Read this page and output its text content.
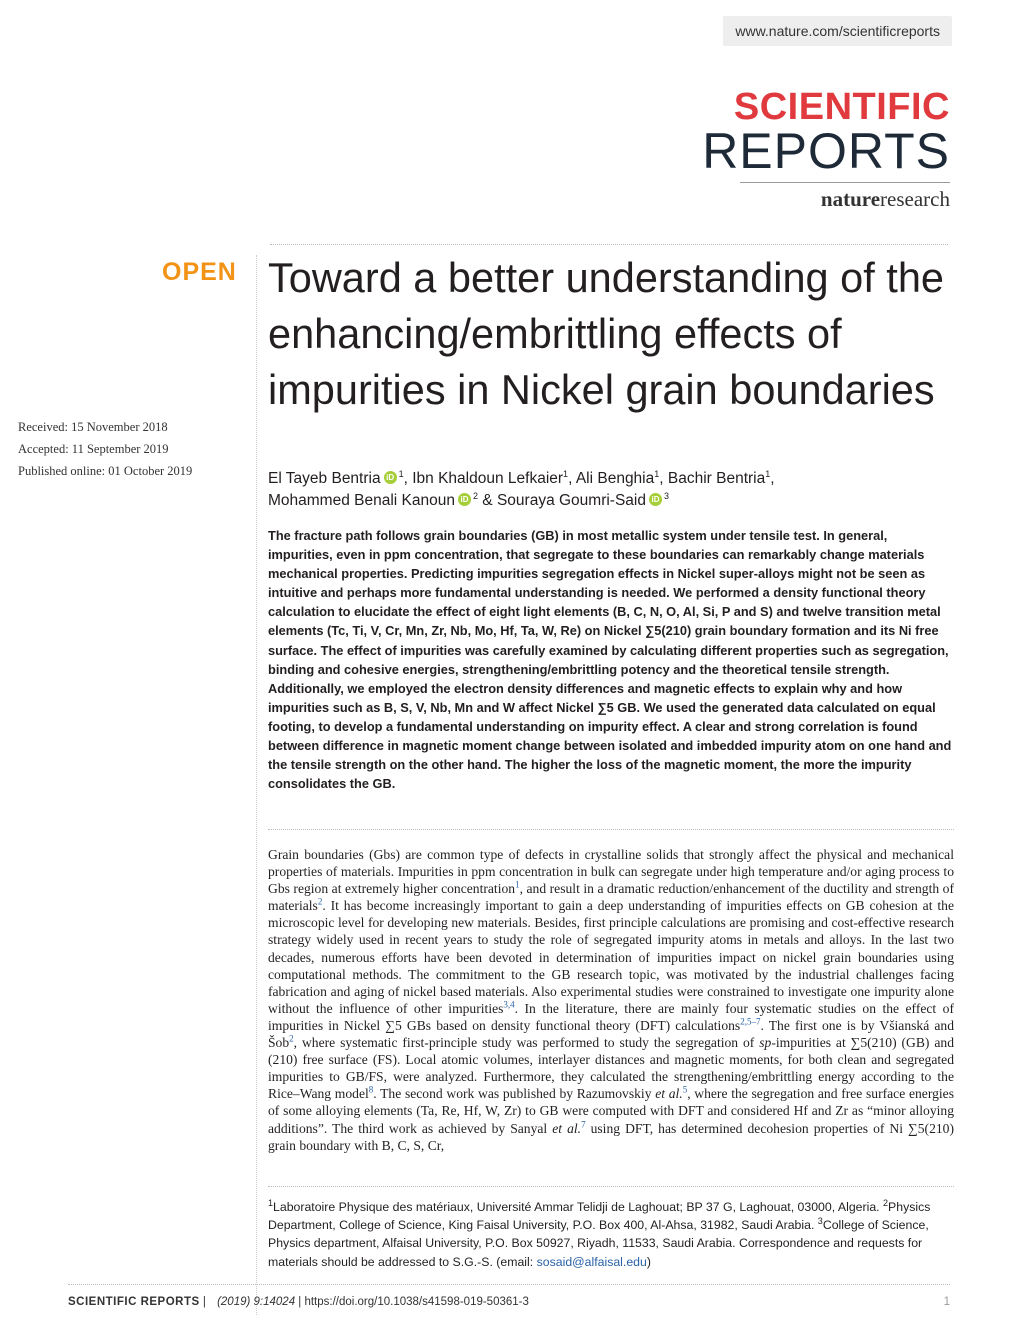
www.nature.com/scientificreports
SCIENTIFIC
REPORTS
natureresearch
OPEN
Received: 15 November 2018
Accepted: 11 September 2019
Published online: 01 October 2019
Toward a better understanding of the enhancing/embrittling effects of impurities in Nickel grain boundaries
El Tayeb Bentria iD $^1$, Ibn Khaldoun Lefkaier$^1$, Ali Benghia$^1$, Bachir Bentria$^1$,
Mohammed Benali Kanoun iD $^2$ & Souraya Goumri-Said iD $^3$
The fracture path follows grain boundaries (GB) in most metallic system under tensile test. In general, impurities, even in ppm concentration, that segregate to these boundaries can remarkably change materials mechanical properties. Predicting impurities segregation effects in Nickel super-alloys might not be seen as intuitive and perhaps more fundamental understanding is needed. We performed a density functional theory calculation to elucidate the effect of eight light elements (B, C, N, O, Al, Si, P and S) and twelve transition metal elements (Tc, Ti, V, Cr, Mn, Zr, Nb, Mo, Hf, Ta, W, Re) on Nickel ∑5(210) grain boundary formation and its Ni free surface. The effect of impurities was carefully examined by calculating different properties such as segregation, binding and cohesive energies, strengthening/embrittling potency and the theoretical tensile strength. Additionally, we employed the electron density differences and magnetic effects to explain why and how impurities such as B, S, V, Nb, Mn and W affect Nickel ∑5 GB. We used the generated data calculated on equal footing, to develop a fundamental understanding on impurity effect. A clear and strong correlation is found between difference in magnetic moment change between isolated and imbedded impurity atom on one hand and the tensile strength on the other hand. The higher the loss of the magnetic moment, the more the impurity consolidates the GB.

Grain boundaries (Gbs) are common type of defects in crystalline solids that strongly affect the physical and mechanical properties of materials. Impurities in ppm concentration in bulk can segregate under high temperature and/or aging process to Gbs region at extremely higher concentration$^1$, and result in a dramatic reduction/enhancement of the ductility and strength of materials$^2$. It has become increasingly important to gain a deep understanding of impurities effects on GB cohesion at the microscopic level for developing new materials. Besides, first principle calculations are promising and cost-effective research strategy widely used in recent years to study the role of segregated impurity atoms in metals and alloys. In the last two decades, numerous efforts have been devoted in determination of impurities impact on nickel grain boundaries using computational methods. The commitment to the GB research topic, was motivated by the industrial challenges facing fabrication and aging of nickel based materials. Also experimental studies were constrained to investigate one impurity alone without the influence of other impurities$^{3,4}$. In the literature, there are mainly four systematic studies on the effect of impurities in Nickel ∑5 GBs based on density functional theory (DFT) calculations$^{2,5-7}$. The first one is by Všianská and Šob$^2$, where systematic first-principle study was performed to study the segregation of sp-impurities at ∑5(210) (GB) and (210) free surface (FS). Local atomic volumes, interlayer distances and magnetic moments, for both clean and segregated impurities to GB/FS, were analyzed. Furthermore, they calculated the strengthening/embrittling energy according to the Rice–Wang model$^8$. The second work was published by Razumovskiy et al.$^5$, where the segregation and free surface energies of some alloying elements (Ta, Re, Hf, W, Zr) to GB were computed with DFT and considered Hf and Zr as “minor alloying additions”. The third work as achieved by Sanyal et al.$^7$ using DFT, has determined decohesion properties of Ni ∑5(210) grain boundary with B, C, S, Cr,

$^1$Laboratoire Physique des matériaux, Université Ammar Telidji de Laghouat; BP 37 G, Laghouat, 03000, Algeria. $^2$Physics Department, College of Science, King Faisal University, P.O. Box 400, Al-Ahsa, 31982, Saudi Arabia. $^3$College of Science, Physics department, Alfaisal University, P.O. Box 50927, Riyadh, 11533, Saudi Arabia. Correspondence and requests for materials should be addressed to S.G.-S. (email: sosaid@alfaisal.edu)
SCIENTIFIC REPORTS | (2019) 9:14024 | https://doi.org/10.1038/s41598-019-50361-3	1
